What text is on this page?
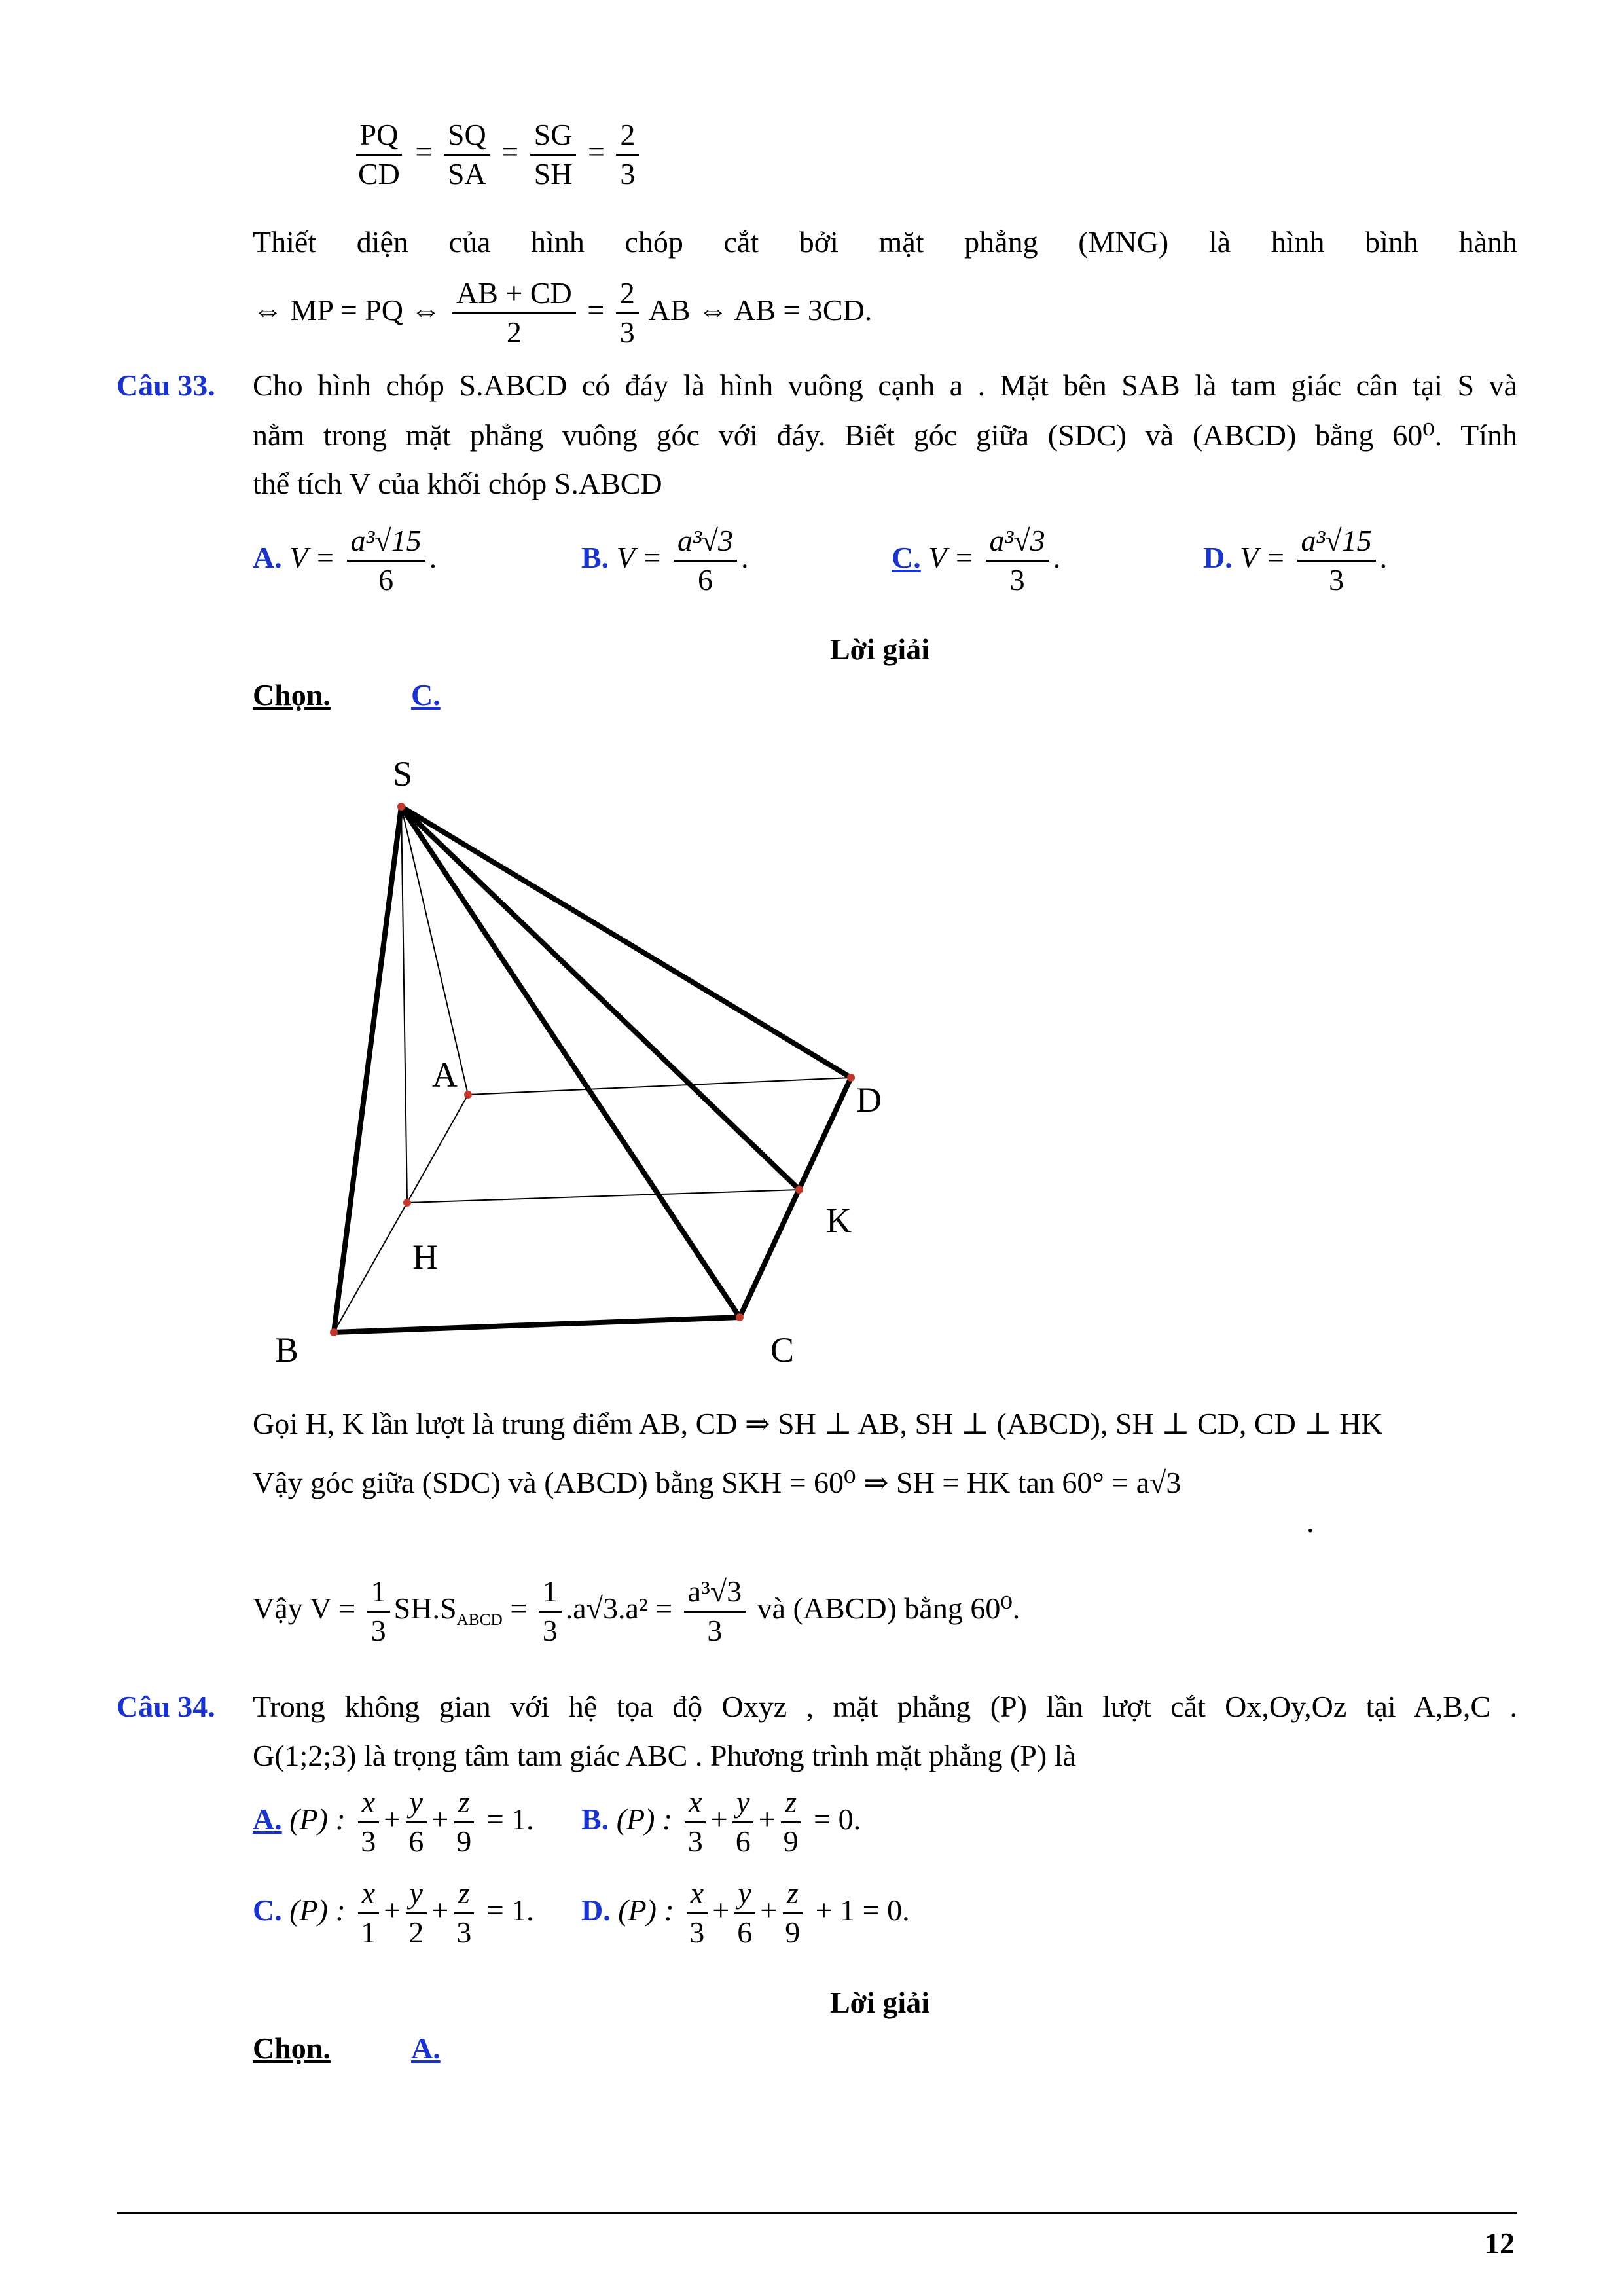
$\frac{PQ}{CD} = \frac{SQ}{SA} = \frac{SG}{SH} = \frac{2}{3}$
Thiết diện của hình chóp cắt bởi mặt phẳng (MNG) là hình bình hành
⇔ MP = PQ ⇔ $\frac{AB + CD}{2} = \frac{2}{3}$ AB ⇔ AB = 3CD.
Câu 33. Cho hình chóp S.ABCD có đáy là hình vuông cạnh a . Mặt bên SAB là tam giác cân tại S và
nằm trong mặt phẳng vuông góc với đáy. Biết góc giữa (SDC) và (ABCD) bằng 60⁰. Tính
thể tích V của khối chóp S.ABCD
A. $V = \frac{\text{a³√15}}{6}$ .	B. $V = \frac{\text{a³√3}}{6}$ .	C. $V = \frac{\text{a³√3}}{3}$ .	D. $V = \frac{\text{a³√15}}{3}$ .
Lời giải
Chọn.	C.
S
A
D
K
H
B	C
Gọi H, K lần lượt là trung điểm AB, CD ⇒ SH ⊥ AB, SH ⊥ (ABCD), SH ⊥ CD, CD ⊥ HK
Vậy góc giữa (SDC) và (ABCD) bằng SKH = 60⁰ ⇒ SH = HK tan 60° = a√3
.
Vậy $V = \frac{1}{3} SH.S_{ABCD} = \frac{1}{3} .a√3.a^2 = \frac{\text{a³√3}}{3}$ và (ABCD) bằng 60⁰.
Câu 34. Trong không gian với hệ tọa độ Oxyz , mặt phẳng (P) lần lượt cắt Ox,Oy,Oz tại A,B,C .
G(1;2;3) là trọng tâm tam giác ABC . Phương trình mặt phẳng (P) là
A. (P) : $\frac{x}{3} + \frac{y}{6} + \frac{z}{9} = 1$. B. (P) : $\frac{x}{3} + \frac{y}{6} + \frac{z}{9} = 0$.
C. (P) : $\frac{x}{1} + \frac{y}{2} + \frac{z}{3} = 1$. D. (P) : $\frac{x}{3} + \frac{y}{6} + \frac{z}{9} + 1 = 0$.
Lời giải
Chọn.	A.
12
